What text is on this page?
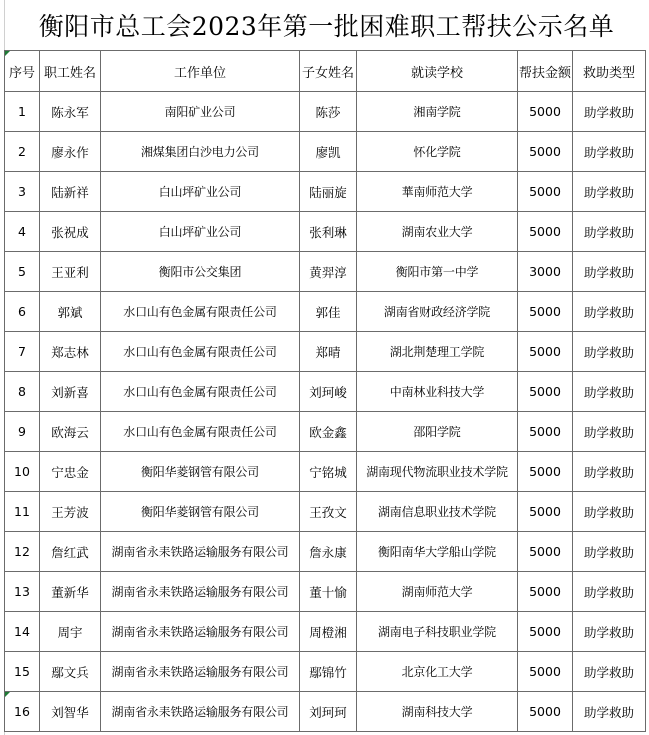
衡阳市总工会2023年第一批困难职工帮扶公示名单
序号	职工姓名	工作单位	子女姓名	就读学校	帮扶金额	救助类型
1	陈永军	南阳矿业公司	陈莎	湘南学院	5000	助学救助
2	廖永作	湘煤集团白沙电力公司	廖凯	怀化学院	5000	助学救助
3	陆新祥	白山坪矿业公司	陆丽旋	華南师范大学	5000	助学救助
4	张祝成	白山坪矿业公司	张利琳	湖南农业大学	5000	助学救助
5	王亚利	衡阳市公交集团	黄羿淳	衡阳市第一中学	3000	助学救助
6	郭斌	水口山有色金属有限责任公司	郭佳	湖南省财政经济学院	5000	助学救助
7	郑志林	水口山有色金属有限责任公司	郑晴	湖北荆楚理工学院	5000	助学救助
8	刘新喜	水口山有色金属有限责任公司	刘珂峻	中南林业科技大学	5000	助学救助
9	欧海云	水口山有色金属有限责任公司	欧金鑫	邵阳学院	5000	助学救助
10	宁忠金	衡阳华菱钢管有限公司	宁铭城	湖南现代物流职业技术学院	5000	助学救助
11	王芳波	衡阳华菱钢管有限公司	王孜文	湖南信息职业技术学院	5000	助学救助
12	詹红武	湖南省永耒铁路运输服务有限公司	詹永康	衡阳南华大学船山学院	5000	助学救助
13	董新华	湖南省永耒铁路运输服务有限公司	董十愉	湖南师范大学	5000	助学救助
14	周宇	湖南省永耒铁路运输服务有限公司	周橙湘	湖南电子科技职业学院	5000	助学救助
15	鄢文兵	湖南省永耒铁路运输服务有限公司	鄢锦竹	北京化工大学	5000	助学救助
16	刘智华	湖南省永耒铁路运输服务有限公司	刘珂珂	湖南科技大学	5000	助学救助
